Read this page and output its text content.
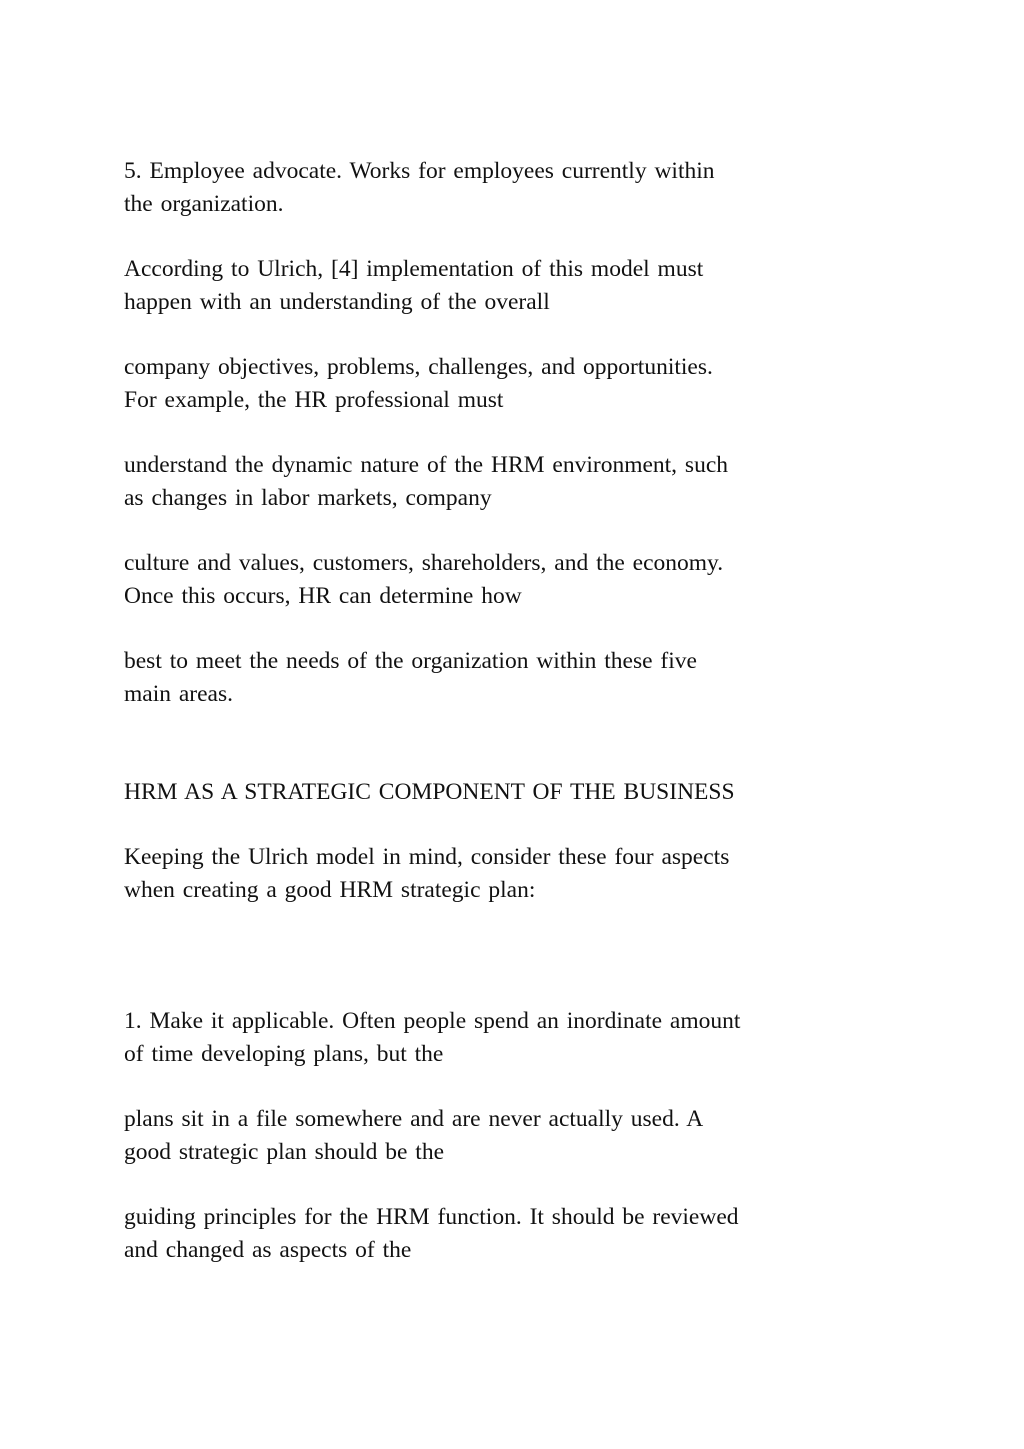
5. Employee advocate. Works for employees currently within
the organization.

According to Ulrich, [4] implementation of this model must
happen with an understanding of the overall

company objectives, problems, challenges, and opportunities.
For example, the HR professional must

understand the dynamic nature of the HRM environment, such
as changes in labor markets, company

culture and values, customers, shareholders, and the economy.
Once this occurs, HR can determine how

best to meet the needs of the organization within these five
main areas.

HRM AS A STRATEGIC COMPONENT OF THE BUSINESS

Keeping the Ulrich model in mind, consider these four aspects
when creating a good HRM strategic plan:

1. Make it applicable. Often people spend an inordinate amount
of time developing plans, but the

plans sit in a file somewhere and are never actually used. A
good strategic plan should be the

guiding principles for the HRM function. It should be reviewed
and changed as aspects of the
